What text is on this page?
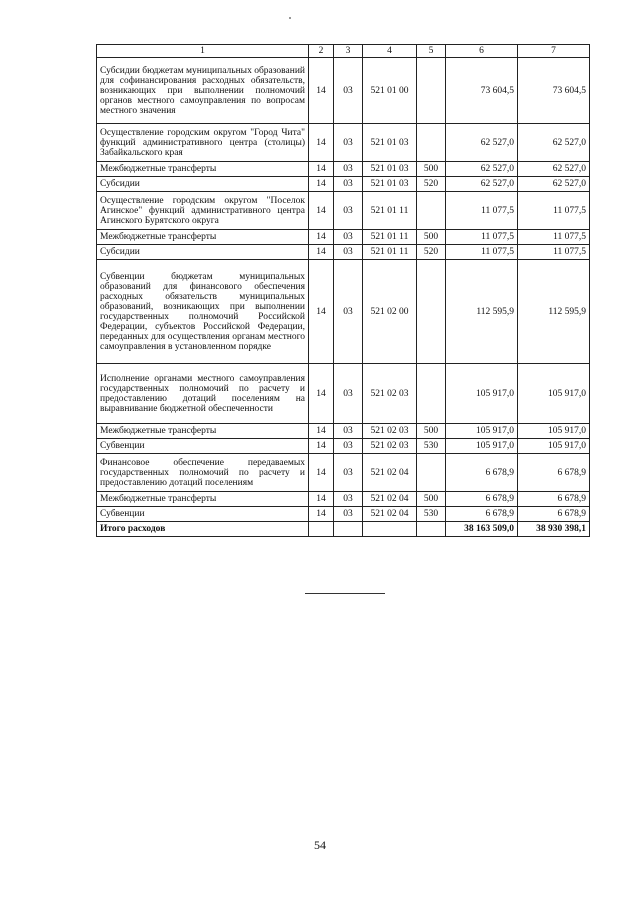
1	2	3	4	5	6	7
Субсидии бюджетам муниципальных образований для софинансирования расходных обязательств, возникающих при выполнении полномочий органов местного самоуправления по вопросам местного значения	14	03	521 01 00		73 604,5	73 604,5
Осуществление городским округом "Город Чита" функций административного центра (столицы) Забайкальского края	14	03	521 01 03		62 527,0	62 527,0
Межбюджетные трансферты	14	03	521 01 03	500	62 527,0	62 527,0
Субсидии	14	03	521 01 03	520	62 527,0	62 527,0
Осуществление городским округом "Поселок Агинское" функций административного центра Агинского Бурятского округа	14	03	521 01 11		11 077,5	11 077,5
Межбюджетные трансферты	14	03	521 01 11	500	11 077,5	11 077,5
Субсидии	14	03	521 01 11	520	11 077,5	11 077,5
Субвенции бюджетам муниципальных образований для финансового обеспечения расходных обязательств муниципальных образований, возникающих при выполнении государственных полномочий Российской Федерации, субъектов Российской Федерации, переданных для осуществления органам местного самоуправления в установленном порядке	14	03	521 02 00		112 595,9	112 595,9
Исполнение органами местного самоуправления государственных полномочий по расчету и предоставлению дотаций поселениям на выравнивание бюджетной обеспеченности	14	03	521 02 03		105 917,0	105 917,0
Межбюджетные трансферты	14	03	521 02 03	500	105 917,0	105 917,0
Субвенции	14	03	521 02 03	530	105 917,0	105 917,0
Финансовое обеспечение передаваемых государственных полномочий по расчету и предоставлению дотаций поселениям	14	03	521 02 04		6 678,9	6 678,9
Межбюджетные трансферты	14	03	521 02 04	500	6 678,9	6 678,9
Субвенции	14	03	521 02 04	530	6 678,9	6 678,9
Итого расходов					38 163 509,0	38 930 398,1
54
